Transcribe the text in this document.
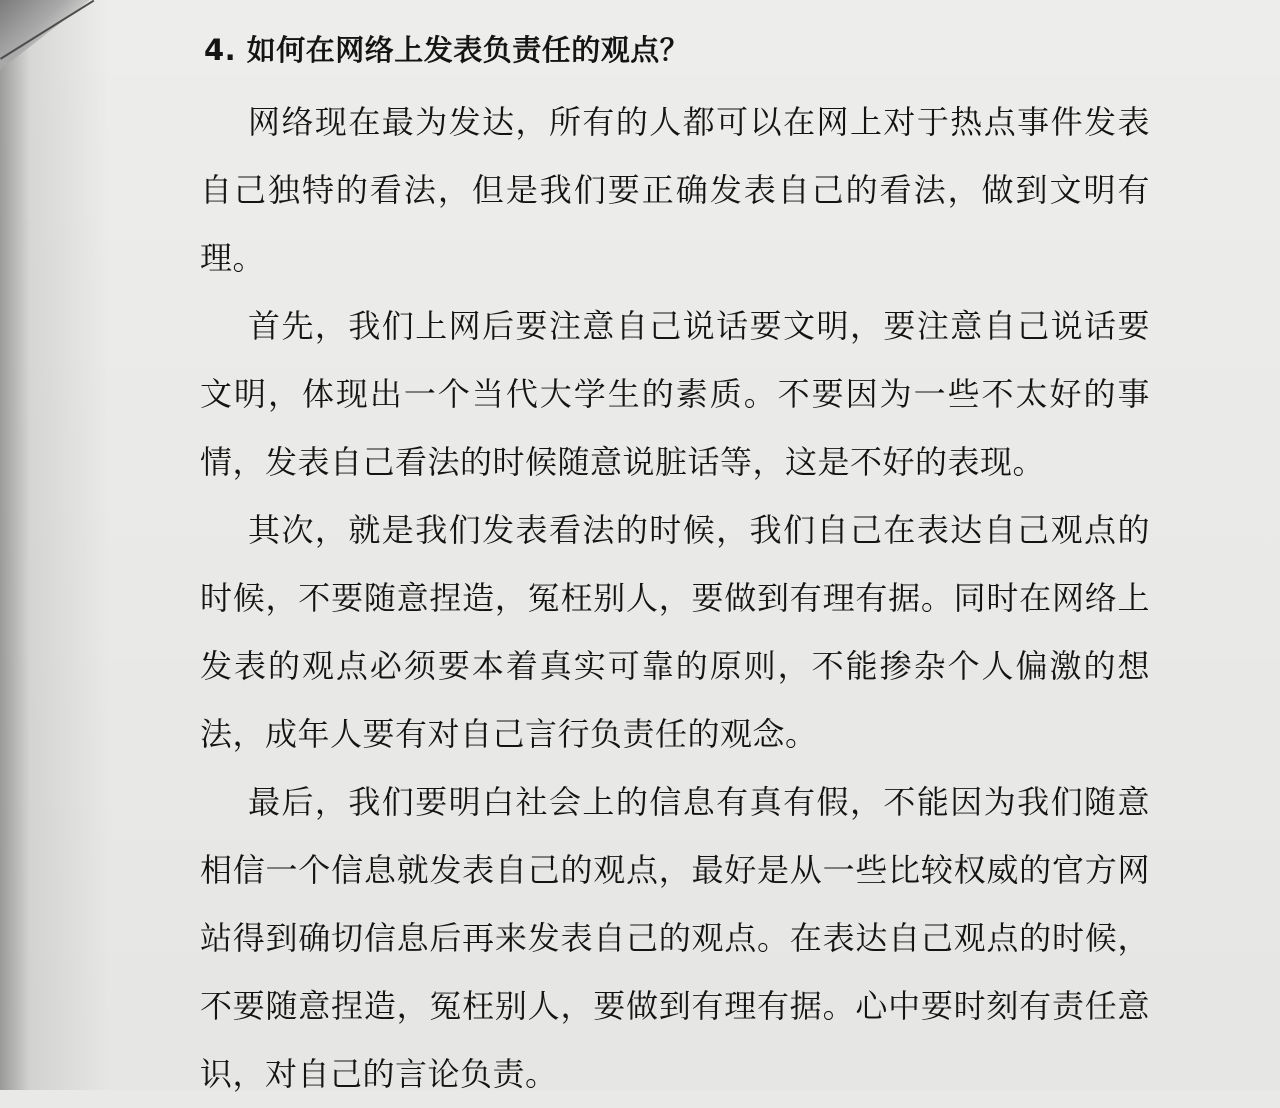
4. 如何在网络上发表负责任的观点？

网络现在最为发达，所有的人都可以在网上对于热点事件发表自己独特的看法，但是我们要正确发表自己的看法，做到文明有理。

首先，我们上网后要注意自己说话要文明，要注意自己说话要文明，体现出一个当代大学生的素质。不要因为一些不太好的事情，发表自己看法的时候随意说脏话等，这是不好的表现。

其次，就是我们发表看法的时候，我们自己在表达自己观点的时候，不要随意捏造，冤枉别人，要做到有理有据。同时在网络上发表的观点必须要本着真实可靠的原则，不能掺杂个人偏激的想法，成年人要有对自己言行负责任的观念。

最后，我们要明白社会上的信息有真有假，不能因为我们随意相信一个信息就发表自己的观点，最好是从一些比较权威的官方网站得到确切信息后再来发表自己的观点。在表达自己观点的时候，不要随意捏造，冤枉别人，要做到有理有据。心中要时刻有责任意识，对自己的言论负责。
